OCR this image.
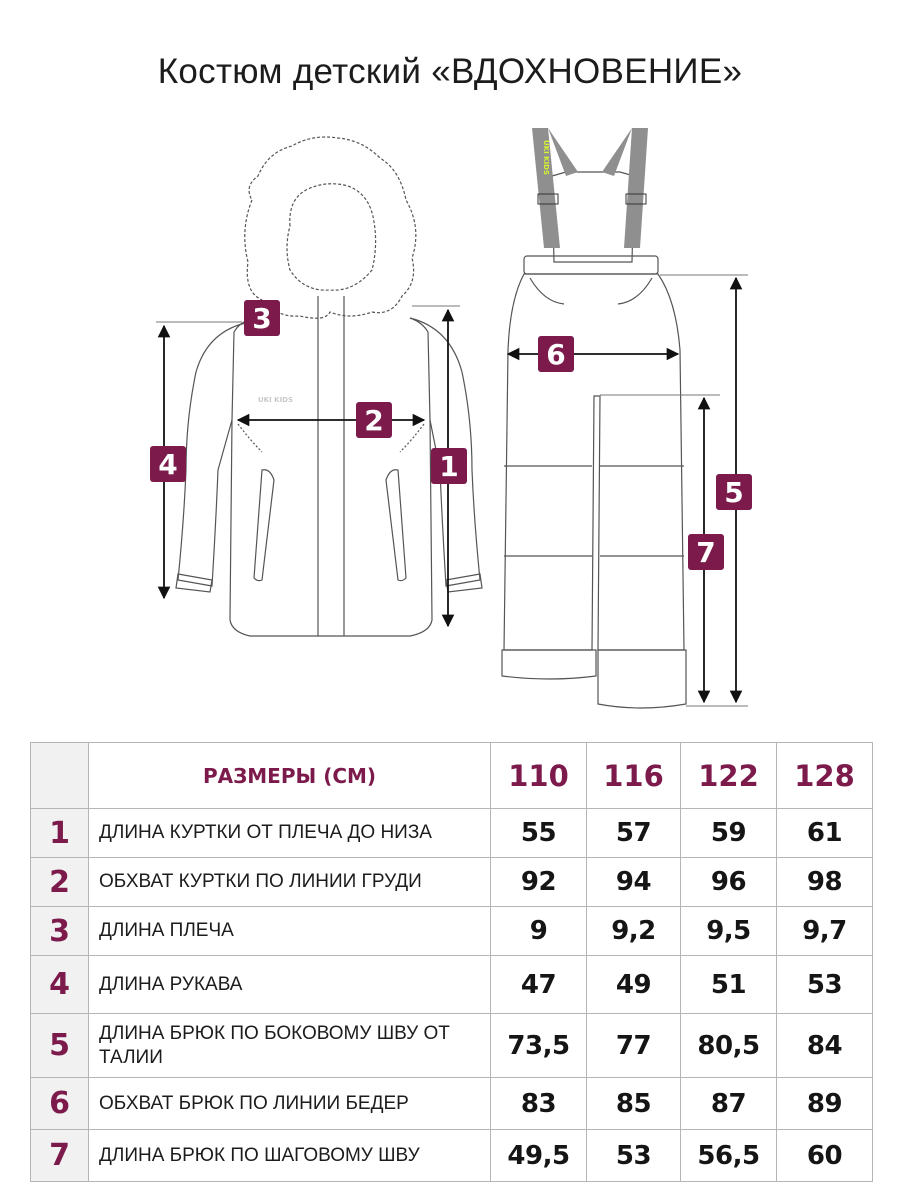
Костюм детский «ВДОХНОВЕНИЕ»
UKI KIDS
UKI KIDS
1
2
3
4
5
6
7
	РАЗМЕРЫ (СМ)	110	116	122	128
1	ДЛИНА КУРТКИ ОТ ПЛЕЧА ДО НИЗА	55	57	59	61
2	ОБХВАТ КУРТКИ ПО ЛИНИИ ГРУДИ	92	94	96	98
3	ДЛИНА ПЛЕЧА	9	9,2	9,5	9,7
4	ДЛИНА РУКАВА	47	49	51	53
5	ДЛИНА БРЮК ПО БОКОВОМУ ШВУ ОТ ТАЛИИ	73,5	77	80,5	84
6	ОБХВАТ БРЮК ПО ЛИНИИ БЕДЕР	83	85	87	89
7	ДЛИНА БРЮК ПО ШАГОВОМУ ШВУ	49,5	53	56,5	60
